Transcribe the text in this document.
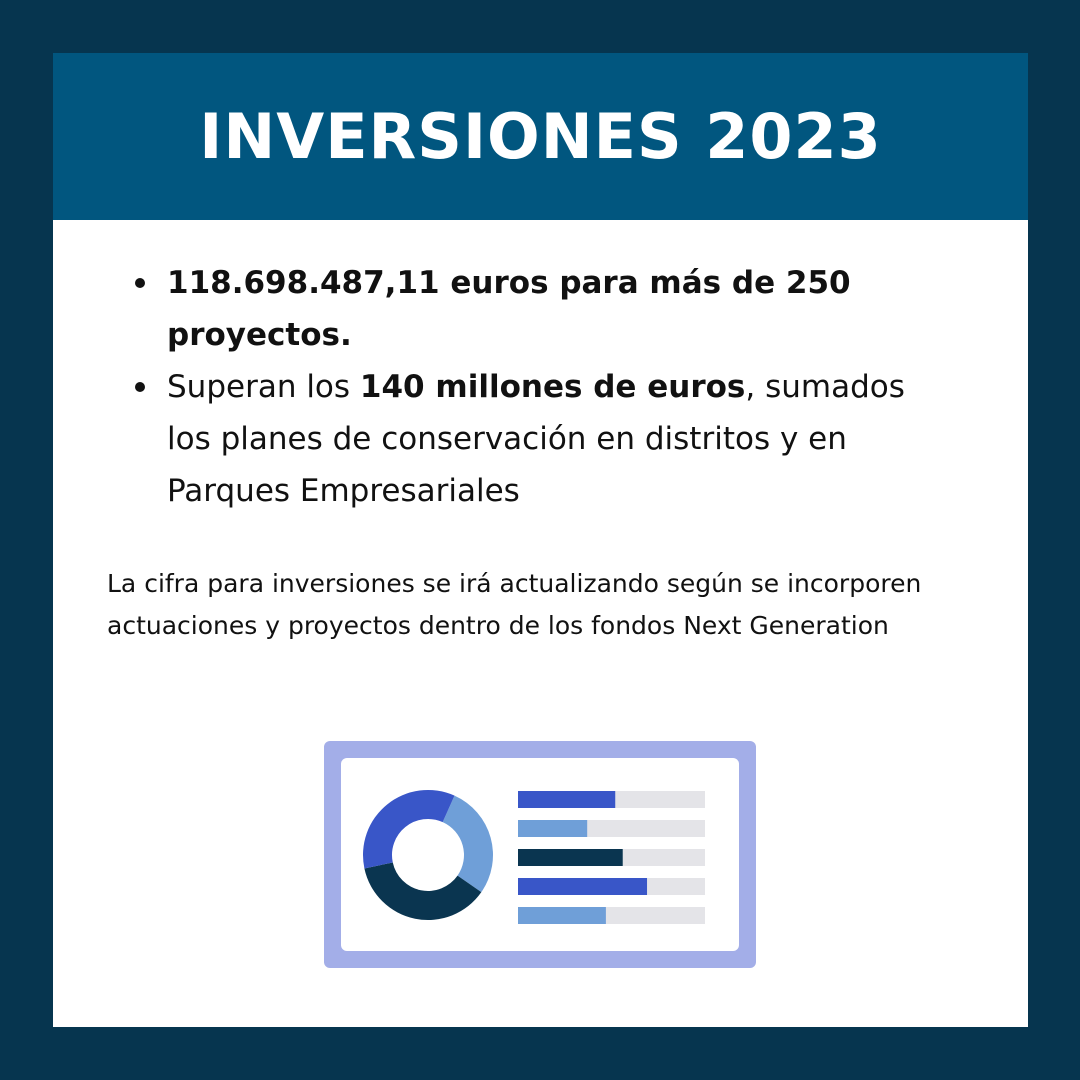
INVERSIONES 2023
118.698.487,11 euros para más de 250 proyectos.
Superan los 140 millones de euros, sumados los planes de conservación en distritos y en Parques Empresariales

La cifra para inversiones se irá actualizando según se incorporen actuaciones y proyectos dentro de los fondos Next Generation
